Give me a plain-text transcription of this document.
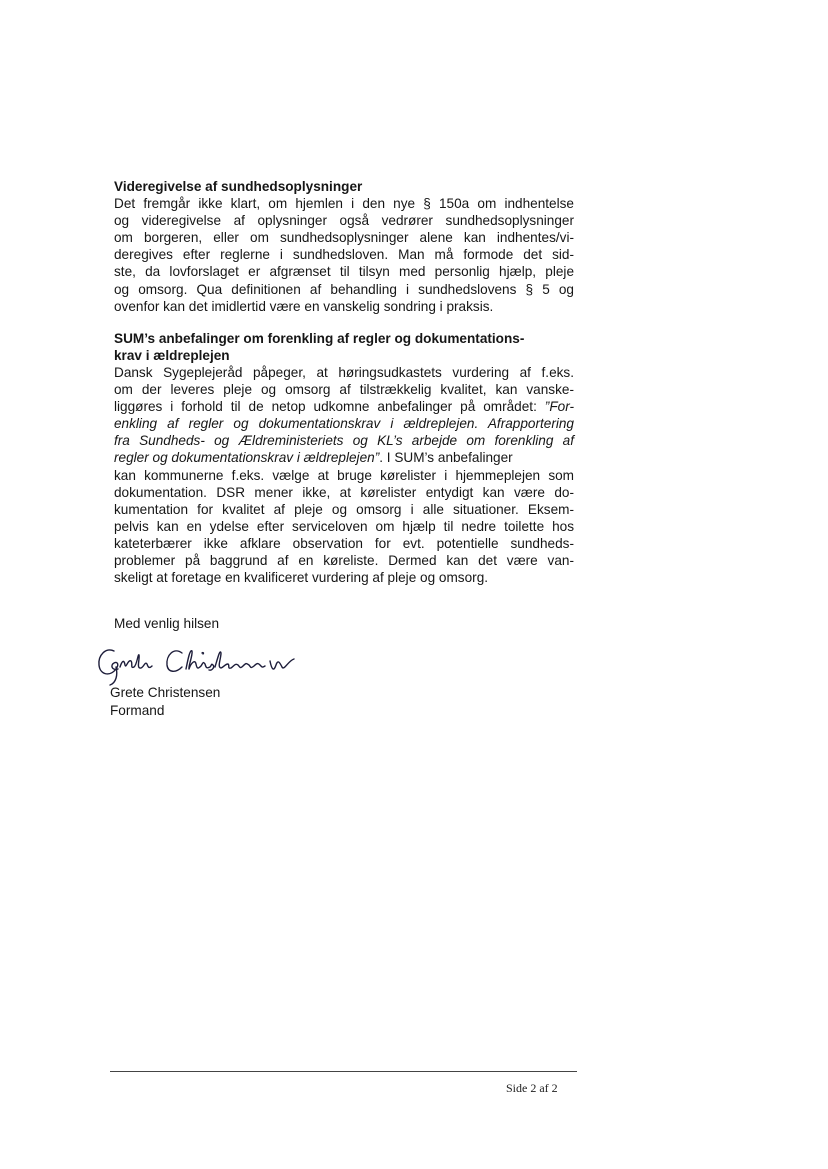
Videregivelse af sundhedsoplysninger

Det fremgår ikke klart, om hjemlen i den nye § 150a om indhentelse
og videregivelse af oplysninger også vedrører sundhedsoplysninger
om borgeren, eller om sundhedsoplysninger alene kan indhentes/vi-
deregives efter reglerne i sundhedsloven. Man må formode det sid-
ste, da lovforslaget er afgrænset til tilsyn med personlig hjælp, pleje
og omsorg. Qua definitionen af behandling i sundhedslovens § 5 og
ovenfor kan det imidlertid være en vanskelig sondring i praksis.
SUM’s anbefalinger om forenkling af regler og dokumentations-
krav i ældreplejen
Dansk Sygeplejeråd påpeger, at høringsudkastets vurdering af f.eks.
om der leveres pleje og omsorg af tilstrækkelig kvalitet, kan vanske-
liggøres i forhold til de netop udkomne anbefalinger på området: ”For-
enkling af regler og dokumentationskrav i ældreplejen. Afrapportering
fra Sundheds- og Ældreministeriets og KL’s arbejde om forenkling af
regler og dokumentationskrav i ældreplejen”. I SUM’s anbefalinger
kan kommunerne f.eks. vælge at bruge kørelister i hjemmeplejen som
dokumentation. DSR mener ikke, at kørelister entydigt kan være do-
kumentation for kvalitet af pleje og omsorg i alle situationer. Eksem-
pelvis kan en ydelse efter serviceloven om hjælp til nedre toilette hos
kateterbærer ikke afklare observation for evt. potentielle sundheds-
problemer på baggrund af en køreliste. Dermed kan det være van-
skeligt at foretage en kvalificeret vurdering af pleje og omsorg.
Med venlig hilsen
Grete Christensen
Formand
Side 2 af 2
